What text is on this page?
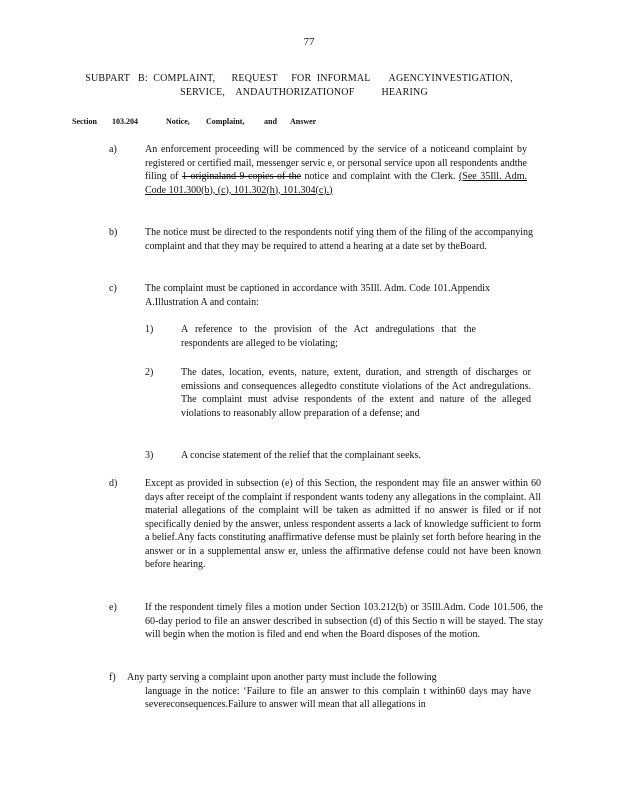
77
SUBPART   B:  COMPLAINT,      REQUEST     FOR  INFORMAL       AGENCYINVESTIGATION,
SERVICE,    ANDAUTHORIZATIONOF          HEARING
Section 103.204	Notice, Complaint, and Answer
a)	An enforcement proceeding will be commenced by the service of a noticeand complaint by registered or certified mail, messenger servic e, or personal service upon all respondents andthe filing of 1 originaland 9 copies of the notice and complaint with the Clerk. (See 35Ill. Adm. Code 101.300(b), (c), 101.302(h), 101.304(c).)
b)	The notice must be directed to the respondents notif ying them of the filing of the accompanying complaint and that they may be required to attend a hearing at a date set by theBoard.
c)	The complaint must be captioned in accordance with 35Ill. Adm. Code 101.Appendix A.Illustration A and contain:
1)	A reference to the provision of the Act andregulations that the respondents are alleged to be violating;
2)	The dates, location, events, nature, extent, duration, and strength of discharges or emissions and consequences allegedto constitute violations of the Act andregulations. The complaint must advise respondents of the extent and nature of the alleged violations to reasonably allow preparation of a defense; and
3)	A concise statement of the relief that the complainant seeks.
d)	Except as provided in subsection (e) of this Section, the respondent may file an answer within 60 days after receipt of the complaint if respondent wants todeny any allegations in the complaint. All material allegations of the complaint will be taken as admitted if no answer is filed or if not specifically denied by the answer, unless respondent asserts a lack of knowledge sufficient to form a belief.Any facts constituting anaffirmative defense must be plainly set forth before hearing in the answer or in a supplemental answ er, unless the affirmative defense could not have been known before hearing.
e)	If the respondent timely files a motion under Section 103.212(b) or 35Ill.Adm. Code 101.506, the 60-day period to file an answer described in subsection (d) of this Sectio n will be stayed. The stay will begin when the motion is filed and end when the Board disposes of the motion.
f) Any party serving a complaint upon another party must include the following
language in the notice: ‘Failure to file an answer to this complain t within60 days may have severeconsequences.Failure to answer will mean that all allegations in
